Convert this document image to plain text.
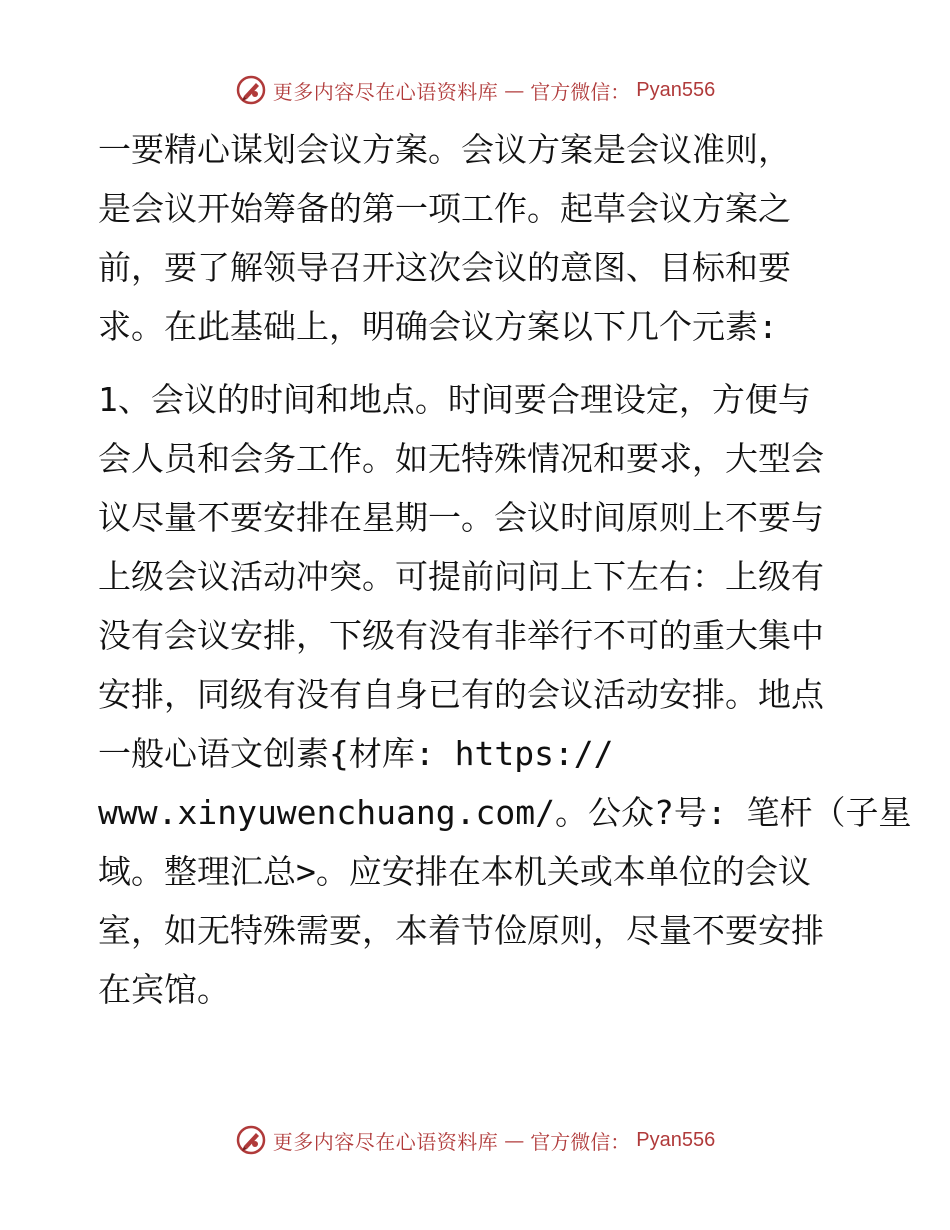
更多内容尽在心语资料库 — 官方微信： Pyan556
一要精心谋划会议方案。会议方案是会议准则，
是会议开始筹备的第一项工作。起草会议方案之
前，要了解领导召开这次会议的意图、目标和要
求。在此基础上，明确会议方案以下几个元素:
1、会议的时间和地点。时间要合理设定，方便与
会人员和会务工作。如无特殊情况和要求，大型会
议尽量不要安排在星期一。会议时间原则上不要与
上级会议活动冲突。可提前问问上下左右：上级有
没有会议安排，下级有没有非举行不可的重大集中
安排，同级有没有自身已有的会议活动安排。地点
一般心语文创素{材库: https://
www.xinyuwenchuang.com/。公众?号: 笔杆（子星
域。整理汇总>。应安排在本机关或本单位的会议
室，如无特殊需要，本着节俭原则，尽量不要安排
在宾馆。
更多内容尽在心语资料库 — 官方微信： Pyan556
